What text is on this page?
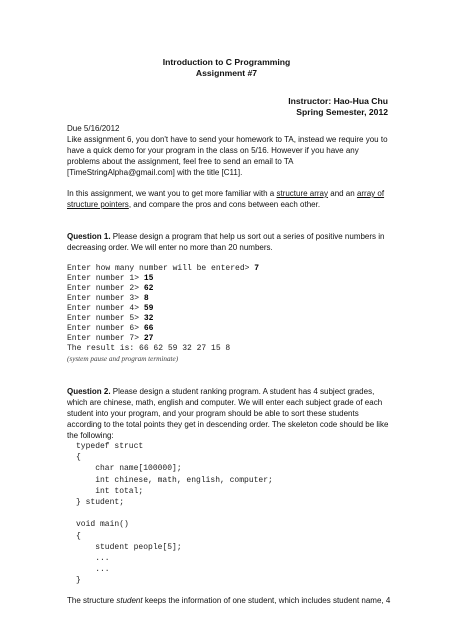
Introduction to C Programming
Assignment #7
Instructor: Hao-Hua Chu
Spring Semester, 2012
Due 5/16/2012
Like assignment 6, you don't have to send your homework to TA, instead we require you to have a quick demo for your program in the class on 5/16. However if you have any problems about the assignment, feel free to send an email to TA [TimeStringAlpha@gmail.com] with the title [C11].
In this assignment, we want you to get more familiar with a structure array and an array of structure pointers, and compare the pros and cons between each other.
Question 1. Please design a program that help us sort out a series of positive numbers in decreasing order. We will enter no more than 20 numbers.
Enter how many number will be entered> 7
Enter number 1> 15
Enter number 2> 62
Enter number 3> 8
Enter number 4> 59
Enter number 5> 32
Enter number 6> 66
Enter number 7> 27
The result is: 66 62 59 32 27 15 8
(system pause and program terminate)
Question 2. Please design a student ranking program. A student has 4 subject grades, which are chinese, math, english and computer. We will enter each subject grade of each student into your program, and your program should be able to sort these students according to the total points they get in descending order. The skeleton code should be like the following:
typedef struct
{
char name[100000];
int chinese, math, english, computer;
int total;
} student;
void main()
{
student people[5];
...
...
}
The structure student keeps the information of one student, which includes student name, 4
